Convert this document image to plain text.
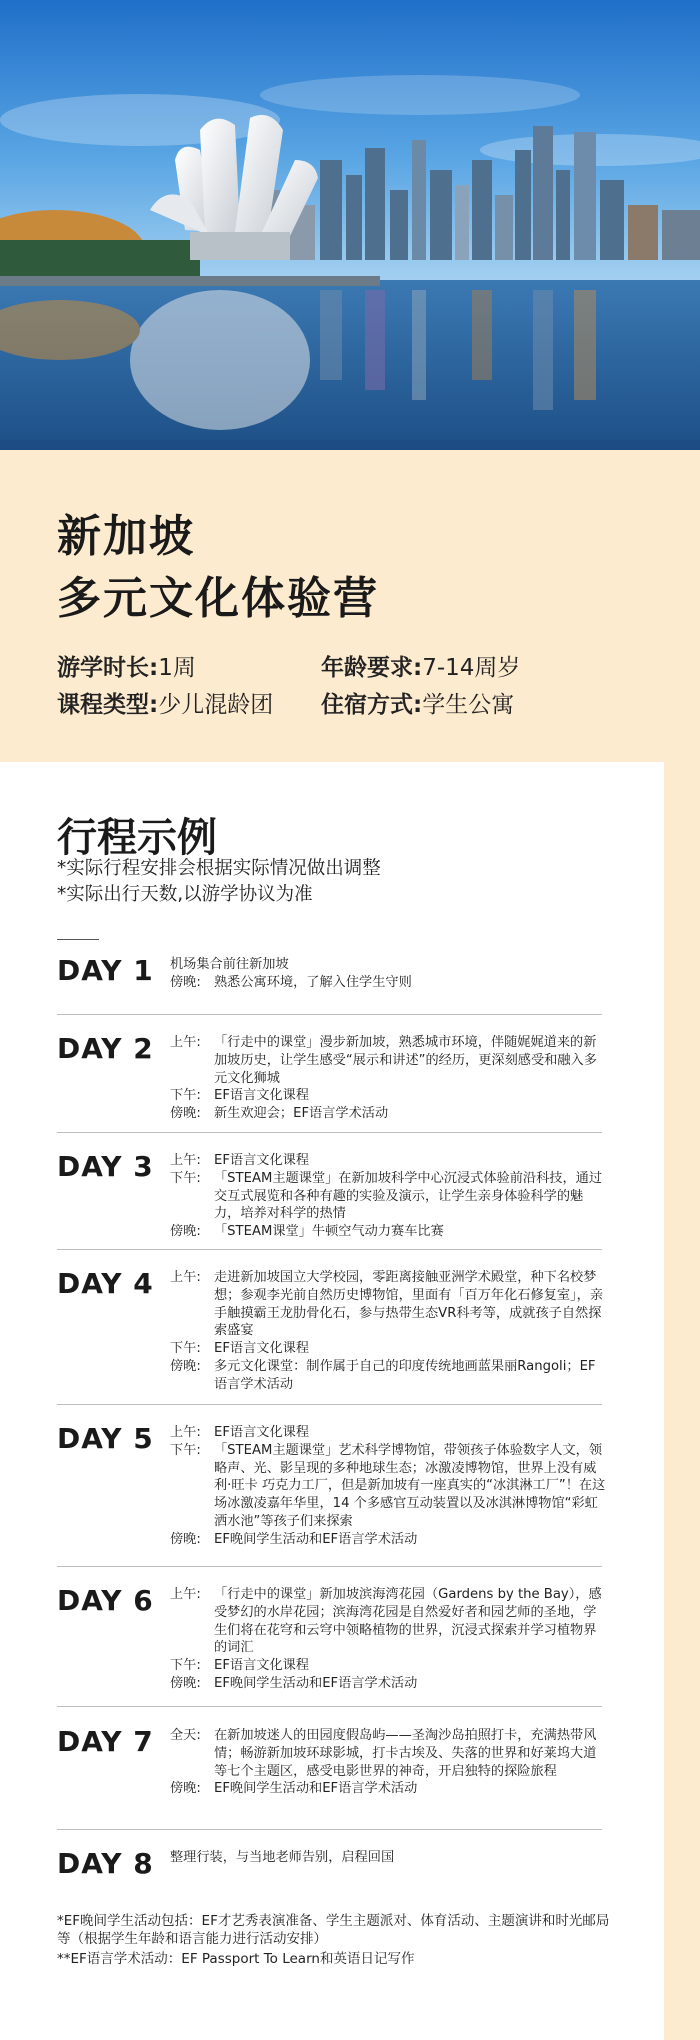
新加坡
多元文化体验营
游学时长:1周	年龄要求:7-14周岁
课程类型:少儿混龄团 住宿方式:学生公寓
行程示例
*实际行程安排会根据实际情况做出调整
*实际出行天数,以游学协议为准
DAY 1 机场集合前往新加坡
傍晚: 熟悉公寓环境，了解入住学生守则
DAY 2 上午: 「行走中的课堂」漫步新加坡，熟悉城市环境，伴随娓娓道来的新加坡历史，让学生感受“展示和讲述”的经历，更深刻感受和融入多元文化狮城
下午: EF语言文化课程
傍晚: 新生欢迎会；EF语言学术活动
DAY 3 上午: EF语言文化课程
下午: 「STEAM主题课堂」在新加坡科学中心沉浸式体验前沿科技，通过交互式展览和各种有趣的实验及演示，让学生亲身体验科学的魅力，培养对科学的热情
傍晚: 「STEAM课堂」牛顿空气动力赛车比赛
DAY 4 上午: 走进新加坡国立大学校园，零距离接触亚洲学术殿堂，种下名校梦想；参观李光前自然历史博物馆，里面有「百万年化石修复室」，亲手触摸霸王龙肋骨化石，参与热带生态VR科考等，成就孩子自然探索盛宴
下午: EF语言文化课程
傍晚: 多元文化课堂：制作属于自己的印度传统地画蓝果丽Rangoli；EF语言学术活动
DAY 5 上午: EF语言文化课程
下午: 「STEAM主题课堂」艺术科学博物馆，带领孩子体验数字人文，领略声、光、影呈现的多种地球生态；冰激凌博物馆，世界上没有威利·旺卡 巧克力工厂，但是新加坡有一座真实的“冰淇淋工厂”！在这场冰激凌嘉年华里，14 个多感官互动装置以及冰淇淋博物馆“彩虹洒水池”等孩子们来探索
傍晚: EF晚间学生活动和EF语言学术活动
DAY 6 上午: 「行走中的课堂」新加坡滨海湾花园（Gardens by the Bay），感受梦幻的水岸花园；滨海湾花园是自然爱好者和园艺师的圣地，学生们将在花穹和云穹中领略植物的世界，沉浸式探索并学习植物界的词汇
下午: EF语言文化课程
傍晚: EF晚间学生活动和EF语言学术活动
DAY 7 全天: 在新加坡迷人的田园度假岛屿——圣淘沙岛拍照打卡，充满热带风情；畅游新加坡环球影城，打卡古埃及、失落的世界和好莱坞大道等七个主题区，感受电影世界的神奇，开启独特的探险旅程
傍晚: EF晚间学生活动和EF语言学术活动
DAY 8 整理行装，与当地老师告别，启程回国
*EF晚间学生活动包括：EF才艺秀表演准备、学生主题派对、体育活动、主题演讲和时光邮局等（根据学生年龄和语言能力进行活动安排）
**EF语言学术活动：EF Passport To Learn和英语日记写作
